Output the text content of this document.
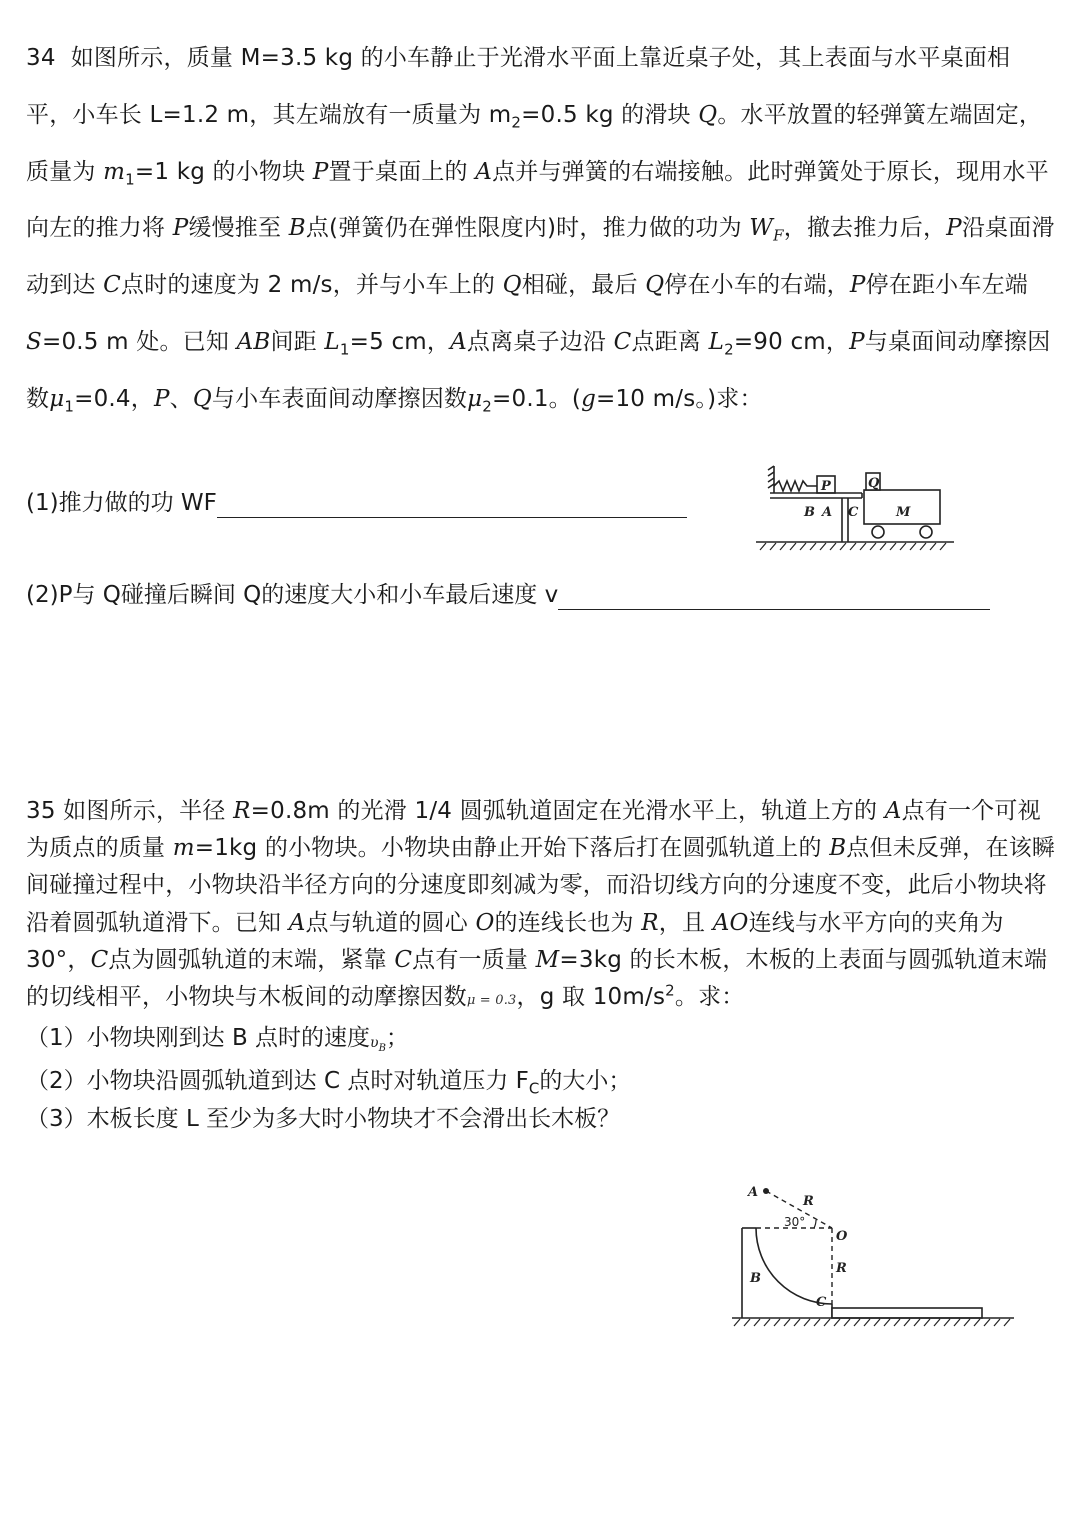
34  如图所示，质量 M=3.5 kg 的小车静止于光滑水平面上靠近桌子处，其上表面与水平桌面相平，小车长 L=1.2 m，其左端放有一质量为 $m_2=0.5$ kg 的滑块 Q。水平放置的轻弹簧左端固定，质量为 $m_1=1$ kg 的小物块 P置于桌面上的 A点并与弹簧的右端接触。此时弹簧处于原长，现用水平向左的推力将 P缓慢推至 B点(弹簧仍在弹性限度内)时，推力做的功为 $W_F$，撤去推力后，P沿桌面滑动到达 C点时的速度为 2 m/s，并与小车上的 Q相碰，最后 Q停在小车的右端，P停在距小车左端 S=0.5 m 处。已知 AB间距 $L_1=5$ cm，A点离桌子边沿 C点距离 $L_2=90$ cm，P与桌面间动摩擦因数$\mu_1=0.4$，P、Q与小车表面间动摩擦因数$\mu_2=0.1$。(g=10 m/s。)求：

(1)推力做的功 WF
(2)P与 Q碰撞后瞬间 Q的速度大小和小车最后速度 v
P	Q
B A C	M

35 如图所示，半径 R=0.8m 的光滑 1/4 圆弧轨道固定在光滑水平上，轨道上方的 A点有一个可视为质点的质量 m=1kg 的小物块。小物块由静止开始下落后打在圆弧轨道上的 B点但未反弹，在该瞬间碰撞过程中，小物块沿半径方向的分速度即刻减为零，而沿切线方向的分速度不变，此后小物块将沿着圆弧轨道滑下。已知 A点与轨道的圆心 O的连线长也为 R，且 AO连线与水平方向的夹角为 30°，C点为圆弧轨道的末端，紧靠 C点有一质量 M=3kg 的长木板，木板的上表面与圆弧轨道末端的切线相平，小物块与木板间的动摩擦因数μ = 0.3，g 取 $10m/s^2$。求：

（1）小物块刚到达 B 点时的速度$\upsilon_B$；

（2）小物块沿圆弧轨道到达 C 点时对轨道压力 $F_C$的大小；

（3）木板长度 L 至少为多大时小物块才不会滑出长木板？

A
R
O
R
B
C
30°
